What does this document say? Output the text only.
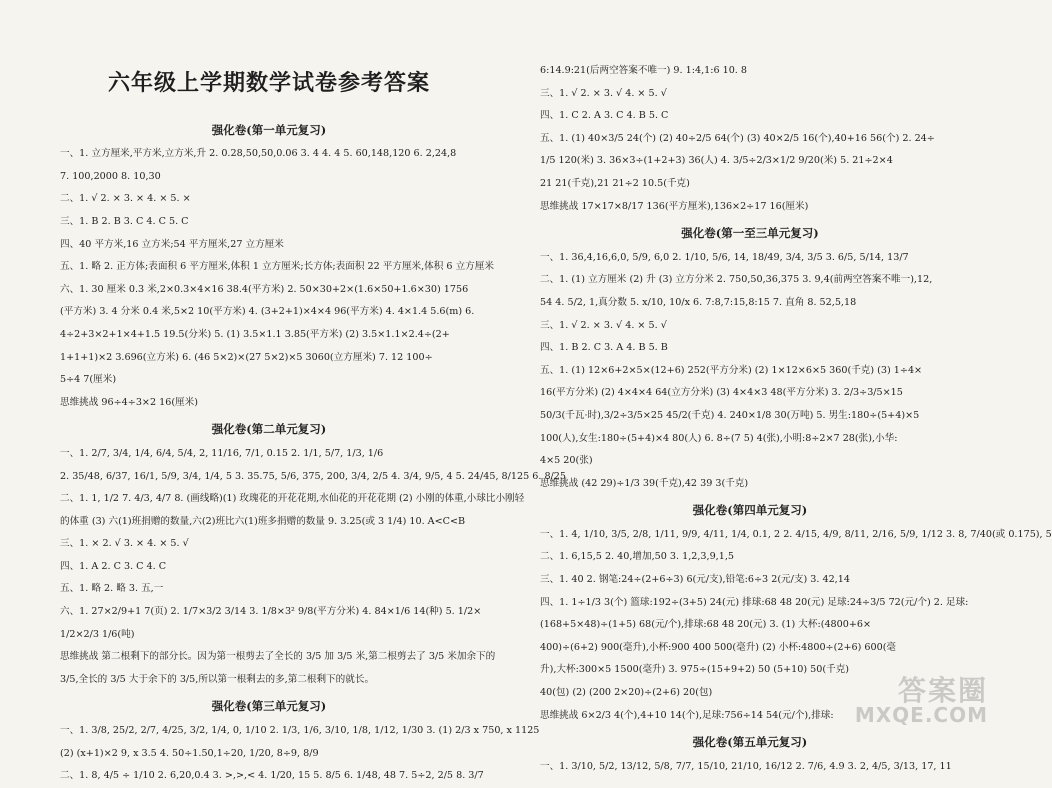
六年级上学期数学试卷参考答案
强化卷(第一单元复习)
一、1. 立方厘米,平方米,立方米,升 2. 0.28,50,50,0.06 3. 4 4. 4 5. 60,148,120 6. 2,24,8
7. 100,2000 8. 10,30
二、1. √ 2. × 3. × 4. × 5. ×
三、1. B 2. B 3. C 4. C 5. C
四、40 平方米,16 立方米;54 平方厘米,27 立方厘米
五、1. 略 2. 正方体;表面积 6 平方厘米,体积 1 立方厘米;长方体;表面积 22 平方厘米,体积 6 立方厘米
六、1. 30 厘米 0.3 米,2×0.3×4×16 38.4(平方米) 2. 50×30+2×(1.6×50+1.6×30) 1756
(平方米) 3. 4 分米 0.4 米,5×2 10(平方米) 4. (3+2+1)×4×4 96(平方米) 4. 4×1.4 5.6(m) 6.
4÷2+3×2+1×4+1.5 19.5(分米) 5. (1) 3.5×1.1 3.85(平方米) (2) 3.5×1.1×2.4÷(2+
1+1+1)×2 3.696(立方米) 6. (46 5×2)×(27 5×2)×5 3060(立方厘米) 7. 12 100÷
5÷4 7(厘米)
思维挑战 96÷4÷3×2 16(厘米)
强化卷(第二单元复习)
一、1. 2/7, 3/4, 1/4, 6/4, 5/4, 2, 11/16, 7/1, 0.15 2. 1/1, 5/7, 1/3, 1/6
2. 35/48, 6/37, 16/1, 5/9, 3/4, 1/4, 5 3. 35.75, 5/6, 375, 200, 3/4, 2/5 4. 3/4, 9/5, 4 5. 24/45, 8/125 6. 8/25
二、1. 1, 1/2 7. 4/3, 4/7 8. (画线略)(1) 玫瑰花的开花花期,水仙花的开花花期 (2) 小刚的体重,小球比小刚轻
的体重 (3) 六(1)班捐赠的数量,六(2)班比六(1)班多捐赠的数量 9. 3.25(或 3 1/4) 10. A<C<B
三、1. × 2. √ 3. × 4. × 5. √
四、1. A 2. C 3. C 4. C
五、1. 略 2. 略 3. 五,一
六、1. 27×2/9+1 7(页) 2. 1/7×3/2 3/14 3. 1/8×3² 9/8(平方分米) 4. 84×1/6 14(种) 5. 1/2×
1/2×2/3 1/6(吨)
思维挑战 第二根剩下的部分长。因为第一根剪去了全长的 3/5 加 3/5 米,第二根剪去了 3/5 米加余下的
3/5,全长的 3/5 大于余下的 3/5,所以第一根剩去的多,第二根剩下的就长。
强化卷(第三单元复习)
一、1. 3/8, 25/2, 2/7, 4/25, 3/2, 1/4, 0, 1/10 2. 1/3, 1/6, 3/10, 1/8, 1/12, 1/30 3. (1) 2/3 x 750, x 1125
(2) (x+1)×2 9, x 3.5 4. 50÷1.50,1÷20, 1/20, 8÷9, 8/9
二、1. 8, 4/5 ÷ 1/10 2. 6,20,0.4 3. >,>,< 4. 1/20, 15 5. 8/5 6. 1/48, 48 7. 5÷2, 2/5 8. 3/7
6:14.9:21(后两空答案不唯一) 9. 1:4,1:6 10. 8
三、1. √ 2. × 3. √ 4. × 5. √
四、1. C 2. A 3. C 4. B 5. C
五、1. (1) 40×3/5 24(个) (2) 40÷2/5 64(个) (3) 40×2/5 16(个),40+16 56(个) 2. 24÷
1/5 120(米) 3. 36×3÷(1+2+3) 36(人) 4. 3/5÷2/3×1/2 9/20(米) 5. 21÷2×4
21 21(千克),21 21÷2 10.5(千克)
思维挑战 17×17×8/17 136(平方厘米),136×2÷17 16(厘米)
强化卷(第一至三单元复习)
一、1. 36,4,16,6,0, 5/9, 6,0 2. 1/10, 5/6, 14, 18/49, 3/4, 3/5 3. 6/5, 5/14, 13/7
二、1. (1) 立方厘米 (2) 升 (3) 立方分米 2. 750,50,36,375 3. 9,4(前两空答案不唯一),12,
54 4. 5/2, 1,真分数 5. x/10, 10/x 6. 7:8,7:15,8:15 7. 直角 8. 52,5,18
三、1. √ 2. × 3. √ 4. × 5. √
四、1. B 2. C 3. A 4. B 5. B
五、1. (1) 12×6+2×5×(12+6) 252(平方分米) (2) 1×12×6×5 360(千克) (3) 1÷4×
16(平方分米) (2) 4×4×4 64(立方分米) (3) 4×4×3 48(平方分米) 3. 2/3÷3/5×15
50/3(千瓦·时),3/2÷3/5×25 45/2(千克) 4. 240×1/8 30(万吨) 5. 男生:180÷(5+4)×5
100(人),女生:180÷(5+4)×4 80(人) 6. 8÷(7 5) 4(张),小明:8÷2×7 28(张),小华:
4×5 20(张)
思维挑战 (42 29)÷1/3 39(千克),42 39 3(千克)
强化卷(第四单元复习)
一、1. 4, 1/10, 3/5, 2/8, 1/11, 9/9, 4/11, 1/4, 0.1, 2 2. 4/15, 4/9, 8/11, 2/16, 5/9, 1/12 3. 8, 7/40(或 0.175), 5
二、1. 6,15,5 2. 40,增加,50 3. 1,2,3,9,1,5
三、1. 40 2. 钢笔:24÷(2+6÷3) 6(元/支),铅笔:6÷3 2(元/支) 3. 42,14
四、1. 1÷1/3 3(个) 篮球:192÷(3+5) 24(元) 排球:68 48 20(元) 足球:24÷3/5 72(元/个) 2. 足球:
(168+5×48)÷(1+5) 68(元/个),排球:68 48 20(元) 3. (1) 大杯:(4800+6×
400)÷(6+2) 900(毫升),小杯:900 400 500(毫升) (2) 小杯:4800÷(2+6) 600(毫
升),大杯:300×5 1500(毫升) 3. 975÷(15+9+2) 50 (5+10) 50(千克)
40(包) (2) (200 2×20)÷(2+6) 20(包)
思维挑战 6×2/3 4(个),4+10 14(个),足球:756÷14 54(元/个),排球:
强化卷(第五单元复习)
一、1. 3/10, 5/2, 13/12, 5/8, 7/7, 15/10, 21/10, 16/12 2. 7/6, 4.9 3. 2, 4/5, 3/13, 17, 11
答案圈
MXQE.COM
